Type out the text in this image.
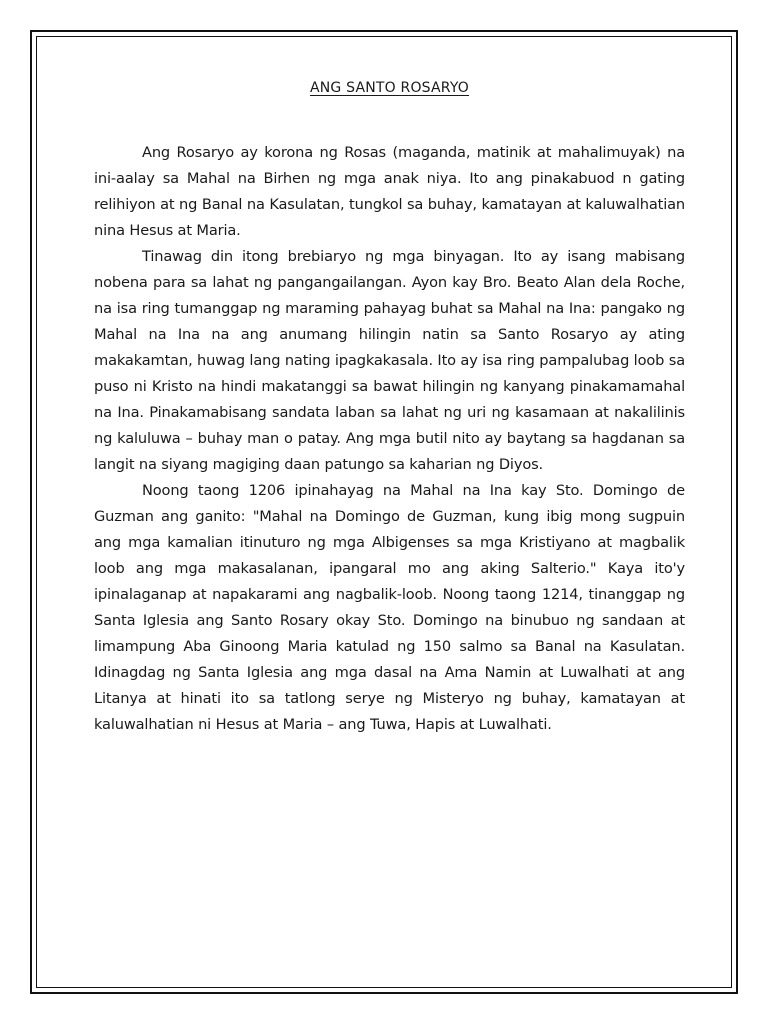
ANG SANTO ROSARYO

Ang Rosaryo ay korona ng Rosas (maganda, matinik at mahalimuyak) na ini-aalay sa Mahal na Birhen ng mga anak niya. Ito ang pinakabuod n gating relihiyon at ng Banal na Kasulatan, tungkol sa buhay, kamatayan at kaluwalhatian nina Hesus at Maria.

Tinawag din itong brebiaryo ng mga binyagan. Ito ay isang mabisang nobena para sa lahat ng pangangailangan. Ayon kay Bro. Beato Alan dela Roche, na isa ring tumanggap ng maraming pahayag buhat sa Mahal na Ina: pangako ng Mahal na Ina na ang anumang hilingin natin sa Santo Rosaryo ay ating makakamtan, huwag lang nating ipagkakasala. Ito ay isa ring pampalubag loob sa puso ni Kristo na hindi makatanggi sa bawat hilingin ng kanyang pinakamamahal na Ina. Pinakamabisang sandata laban sa lahat ng uri ng kasamaan at nakalilinis ng kaluluwa – buhay man o patay. Ang mga butil nito ay baytang sa hagdanan sa langit na siyang magiging daan patungo sa kaharian ng Diyos.

Noong taong 1206 ipinahayag na Mahal na Ina kay Sto. Domingo de Guzman ang ganito: "Mahal na Domingo de Guzman, kung ibig mong sugpuin ang mga kamalian itinuturo ng mga Albigenses sa mga Kristiyano at magbalik loob ang mga makasalanan, ipangaral mo ang aking Salterio." Kaya ito'y ipinalaganap at napakarami ang nagbalik-loob. Noong taong 1214, tinanggap ng Santa Iglesia ang Santo Rosary okay Sto. Domingo na binubuo ng sandaan at limampung Aba Ginoong Maria katulad ng 150 salmo sa Banal na Kasulatan. Idinagdag ng Santa Iglesia ang mga dasal na Ama Namin at Luwalhati at ang Litanya at hinati ito sa tatlong serye ng Misteryo ng buhay, kamatayan at kaluwalhatian ni Hesus at Maria – ang Tuwa, Hapis at Luwalhati.
